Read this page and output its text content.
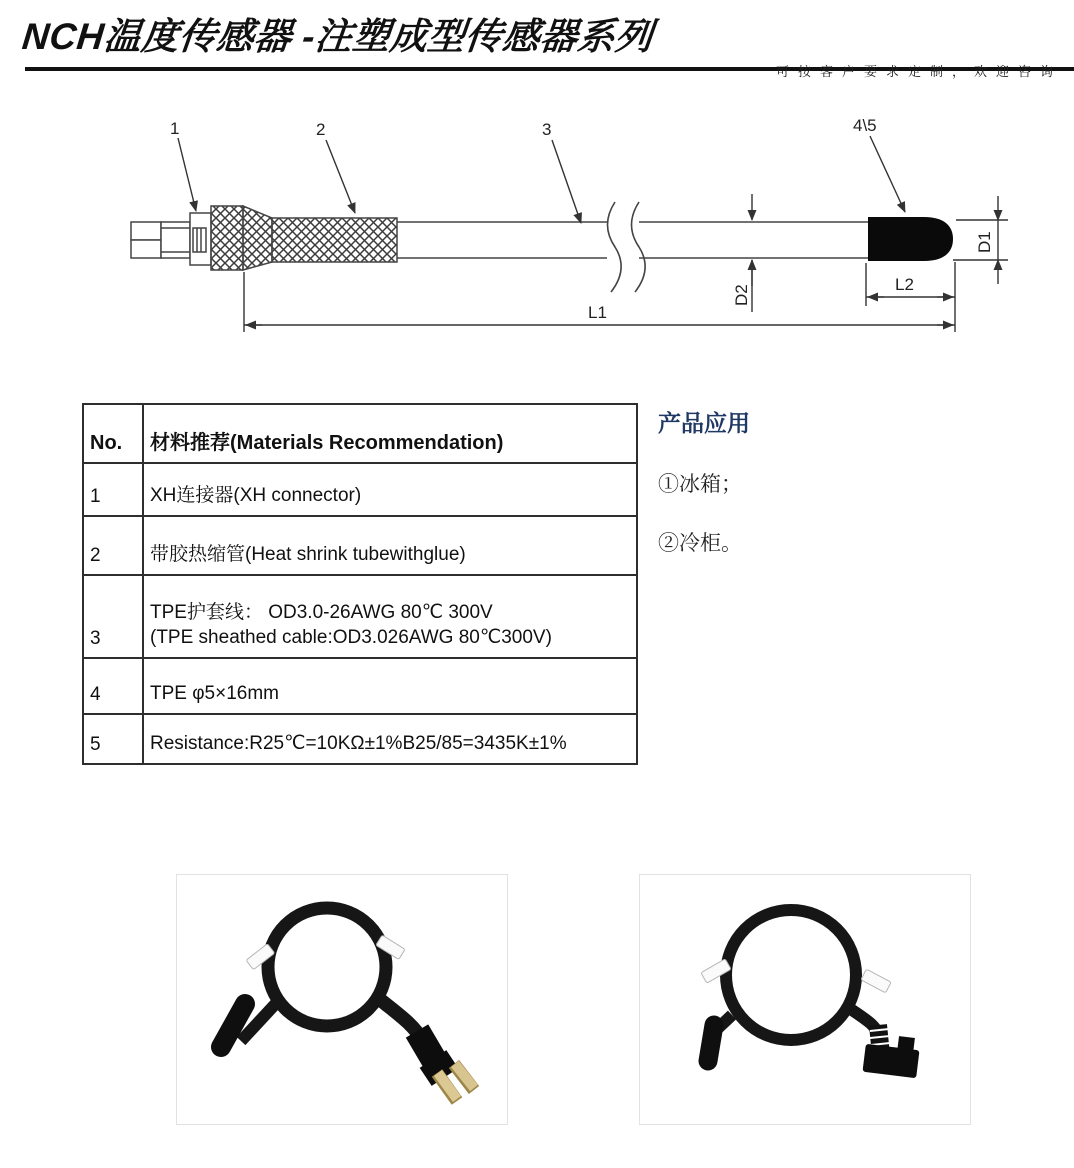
NCH温度传感器 -注塑成型传感器系列
可按客户要求定制，欢迎咨询
1	2	3	4\5
D2
D1
L2
L1
No.	材料推荐(Materials Recommendation)
1	XH连接器(XH connector)

2	带胶热缩管(Heat shrink tubewithglue)

3	TPE护套线： OD3.0-26AWG 80℃ 300V
(TPE sheathed cable:OD3.026AWG 80℃300V)

4	TPE φ5×16mm

5	Resistance:R25℃=10KΩ±1%B25/85=3435K±1%
产品应用

①冰箱；

②冷柜。
